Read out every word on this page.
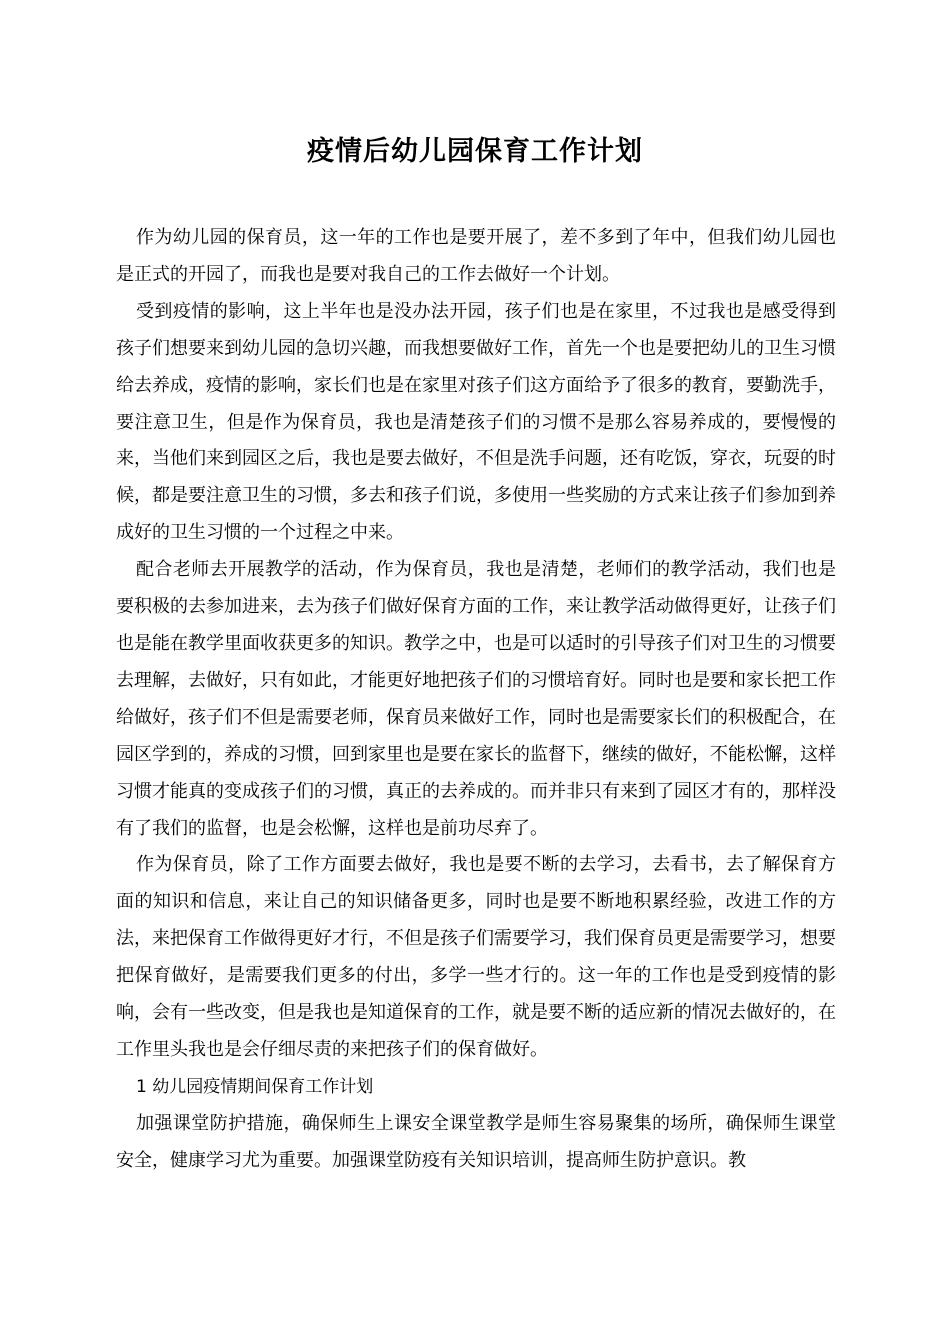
疫情后幼儿园保育工作计划

作为幼儿园的保育员，这一年的工作也是要开展了，差不多到了年中，但我们幼儿园也是正式的开园了，而我也是要对我自己的工作去做好一个计划。

受到疫情的影响，这上半年也是没办法开园，孩子们也是在家里，不过我也是感受得到孩子们想要来到幼儿园的急切兴趣，而我想要做好工作，首先一个也是要把幼儿的卫生习惯给去养成，疫情的影响，家长们也是在家里对孩子们这方面给予了很多的教育，要勤洗手，要注意卫生，但是作为保育员，我也是清楚孩子们的习惯不是那么容易养成的，要慢慢的来，当他们来到园区之后，我也是要去做好，不但是洗手问题，还有吃饭，穿衣，玩耍的时候，都是要注意卫生的习惯，多去和孩子们说，多使用一些奖励的方式来让孩子们参加到养成好的卫生习惯的一个过程之中来。

配合老师去开展教学的活动，作为保育员，我也是清楚，老师们的教学活动，我们也是要积极的去参加进来，去为孩子们做好保育方面的工作，来让教学活动做得更好，让孩子们也是能在教学里面收获更多的知识。教学之中，也是可以适时的引导孩子们对卫生的习惯要去理解，去做好，只有如此，才能更好地把孩子们的习惯培育好。同时也是要和家长把工作给做好，孩子们不但是需要老师，保育员来做好工作，同时也是需要家长们的积极配合，在园区学到的，养成的习惯，回到家里也是要在家长的监督下，继续的做好，不能松懈，这样习惯才能真的变成孩子们的习惯，真正的去养成的。而并非只有来到了园区才有的，那样没有了我们的监督，也是会松懈，这样也是前功尽弃了。

作为保育员，除了工作方面要去做好，我也是要不断的去学习，去看书，去了解保育方面的知识和信息，来让自己的知识储备更多，同时也是要不断地积累经验，改进工作的方法，来把保育工作做得更好才行，不但是孩子们需要学习，我们保育员更是需要学习，想要把保育做好，是需要我们更多的付出，多学一些才行的。这一年的工作也是受到疫情的影响，会有一些改变，但是我也是知道保育的工作，就是要不断的适应新的情况去做好的，在工作里头我也是会仔细尽责的来把孩子们的保育做好。

1 幼儿园疫情期间保育工作计划

加强课堂防护措施，确保师生上课安全课堂教学是师生容易聚集的场所，确保师生课堂安全，健康学习尤为重要。加强课堂防疫有关知识培训，提高师生防护意识。教
